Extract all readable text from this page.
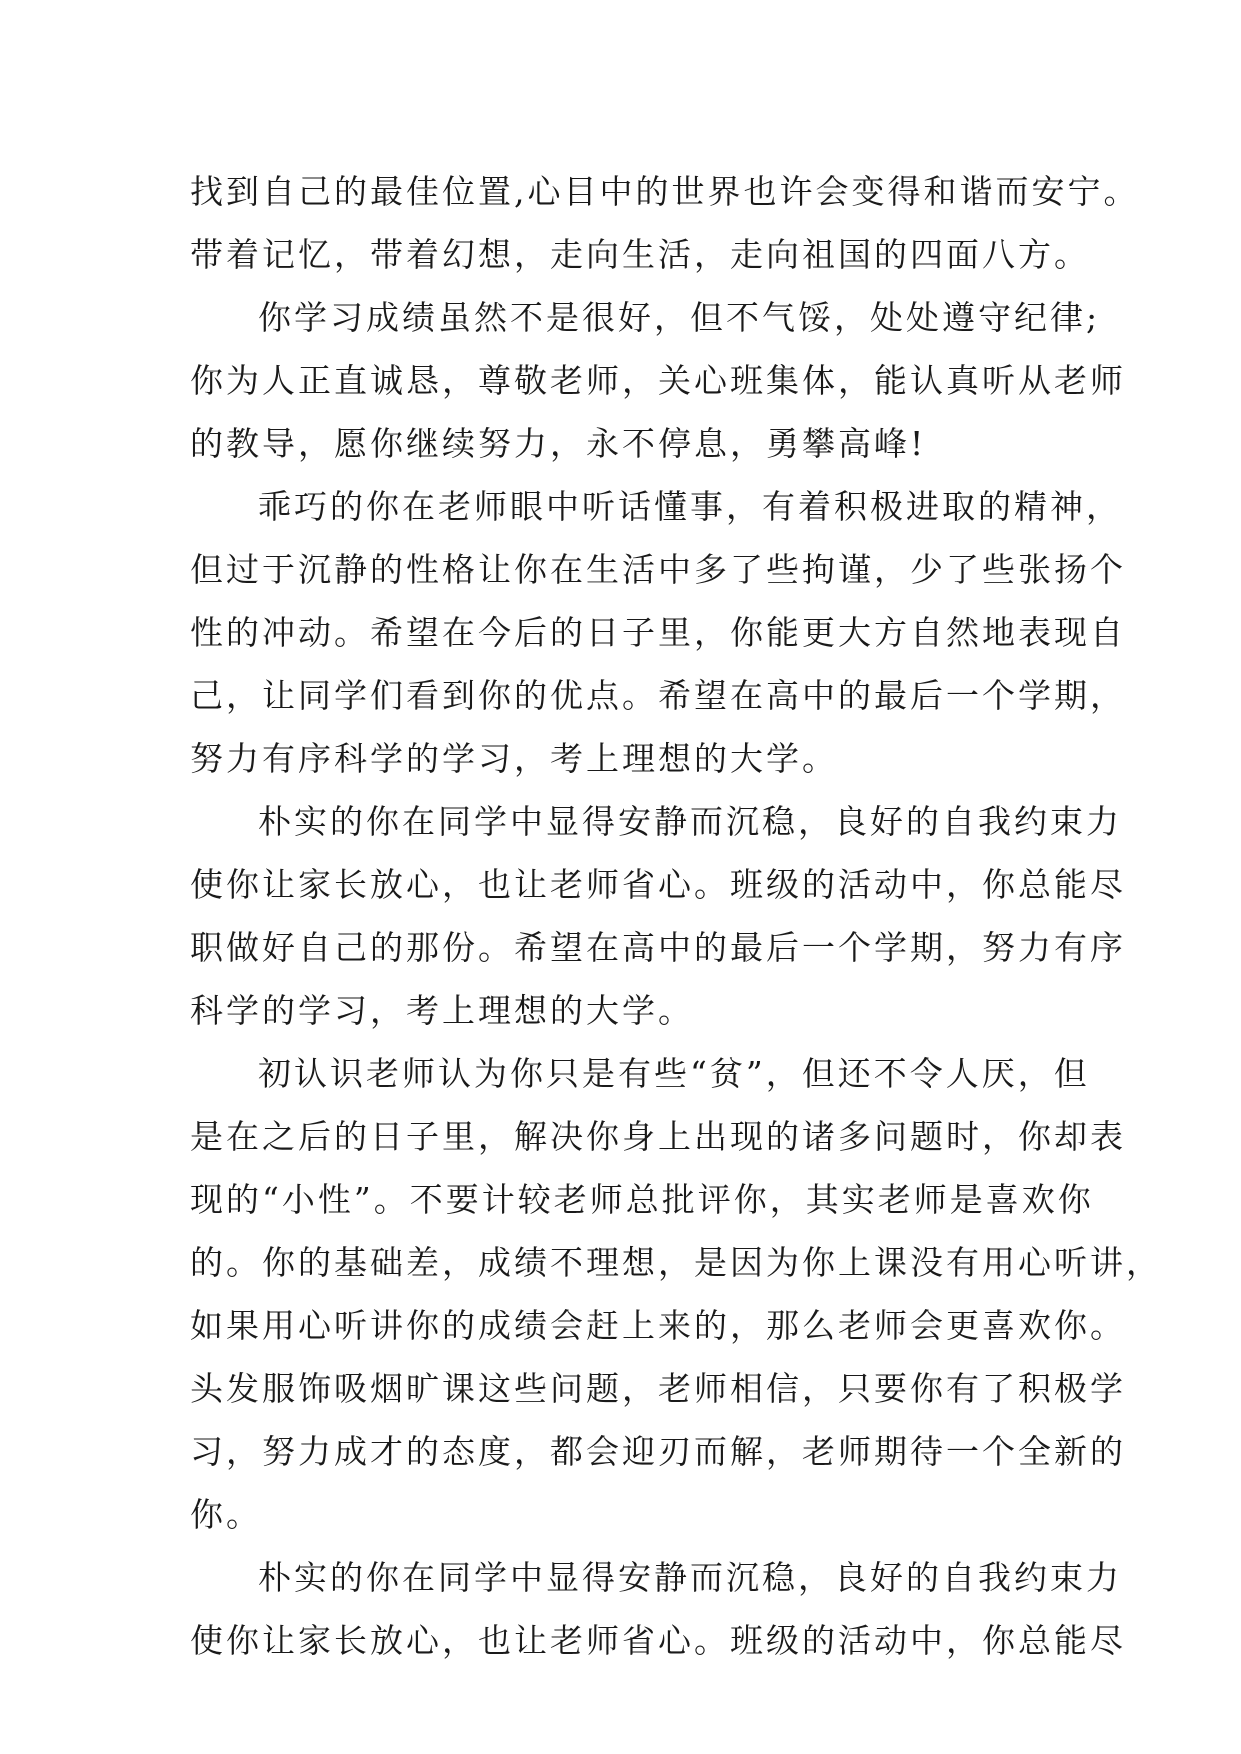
找到自己的最佳位置,心目中的世界也许会变得和谐而安宁。
带着记忆，带着幻想，走向生活，走向祖国的四面八方。
你学习成绩虽然不是很好，但不气馁，处处遵守纪律;
你为人正直诚恳，尊敬老师，关心班集体，能认真听从老师
的教导，愿你继续努力，永不停息，勇攀高峰!
乖巧的你在老师眼中听话懂事，有着积极进取的精神，
但过于沉静的性格让你在生活中多了些拘谨，少了些张扬个
性的冲动。希望在今后的日子里，你能更大方自然地表现自
己，让同学们看到你的优点。希望在高中的最后一个学期，
努力有序科学的学习，考上理想的大学。
朴实的你在同学中显得安静而沉稳，良好的自我约束力
使你让家长放心，也让老师省心。班级的活动中，你总能尽
职做好自己的那份。希望在高中的最后一个学期，努力有序
科学的学习，考上理想的大学。
初认识老师认为你只是有些“贫”，但还不令人厌，但
是在之后的日子里，解决你身上出现的诸多问题时，你却表
现的“小性”。不要计较老师总批评你，其实老师是喜欢你
的。你的基础差，成绩不理想，是因为你上课没有用心听讲，
如果用心听讲你的成绩会赶上来的，那么老师会更喜欢你。
头发服饰吸烟旷课这些问题，老师相信，只要你有了积极学
习，努力成才的态度，都会迎刃而解，老师期待一个全新的
你。
朴实的你在同学中显得安静而沉稳，良好的自我约束力
使你让家长放心，也让老师省心。班级的活动中，你总能尽
